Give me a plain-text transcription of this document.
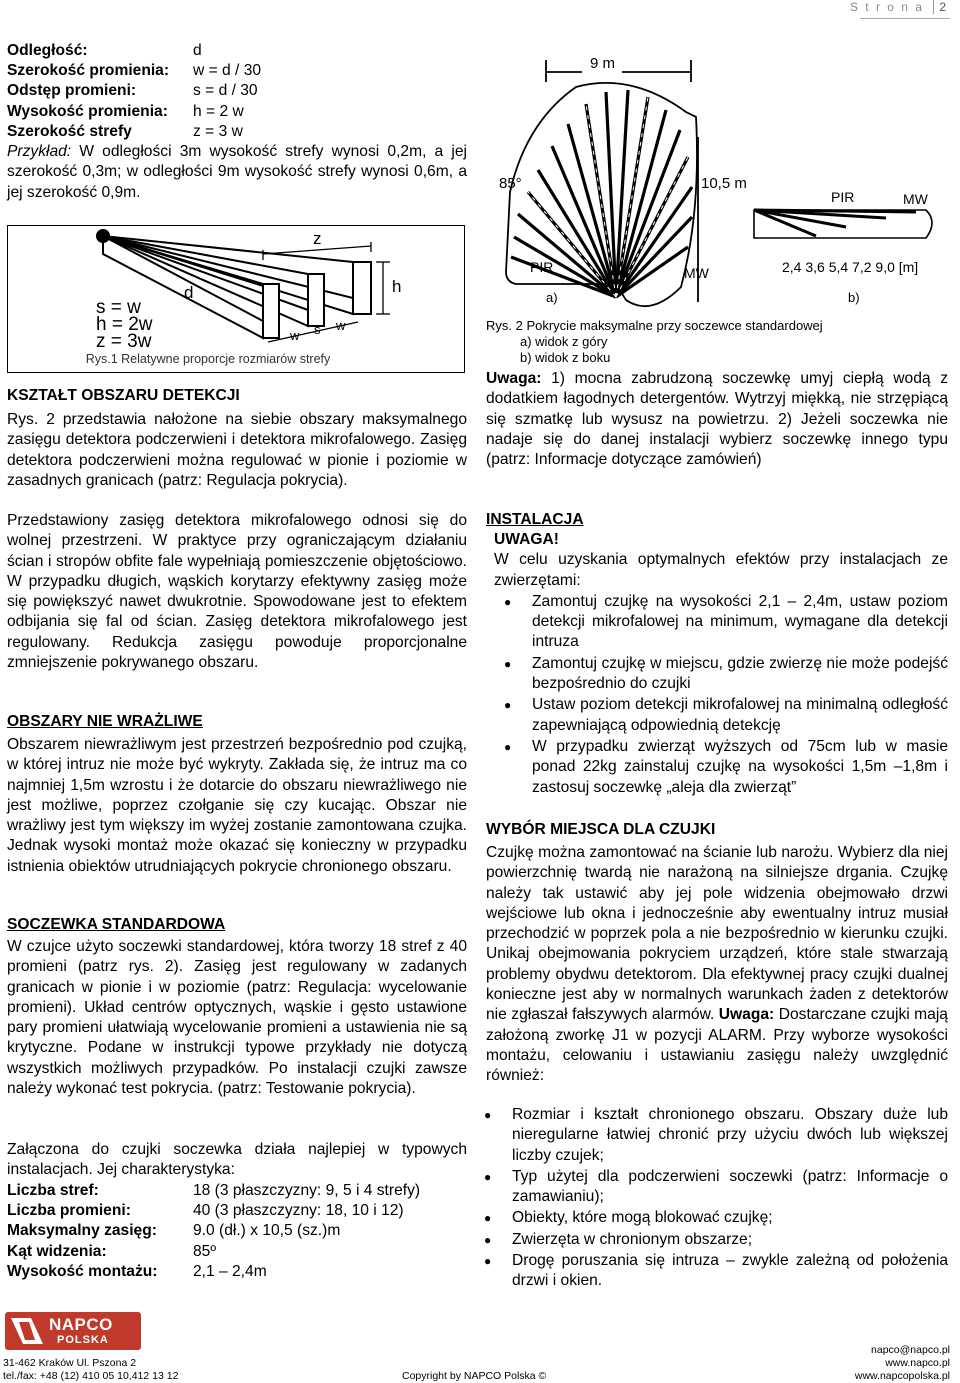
S t r o n a 2
Odległość:	d
Szerokość promienia:	w = d / 30
Odstęp promieni:	s = d / 30
Wysokość promienia:	h = 2 w
Szerokość strefy	z = 3 w
Przykład: W odległości 3m wysokość strefy wynosi 0,2m, a jej szerokość 0,3m; w odległości 9m wysokość strefy wynosi 0,6m, a jej szerokość 0,9m.
z
h
d
w s w
s = w
h = 2w
z = 3w
Rys.1 Relatywne proporcje rozmiarów strefy
KSZTAŁT OBSZARU DETEKCJI
Rys. 2 przedstawia nałożone na siebie obszary maksymalnego zasięgu detektora podczerwieni i detektora mikrofalowego. Zasięg detektora podczerwieni można regulować w pionie i poziomie w zasadnych granicach (patrz: Regulacja pokrycia).
Przedstawiony zasięg detektora mikrofalowego odnosi się do wolnej przestrzeni. W praktyce przy ograniczającym działaniu ścian i stropów obfite fale wypełniają pomieszczenie objętościowo. W przypadku długich, wąskich korytarzy efektywny zasięg może się powiększyć nawet dwukrotnie. Spowodowane jest to efektem odbijania się fal od ścian. Zasięg detektora mikrofalowego jest regulowany. Redukcja zasięgu powoduje proporcjonalne zmniejszenie pokrywanego obszaru.
OBSZARY NIE WRAŻLIWE
Obszarem niewrażliwym jest przestrzeń bezpośrednio pod czujką, w której intruz nie może być wykryty. Zakłada się, że intruz ma co najmniej 1,5m wzrostu i że dotarcie do obszaru niewrażliwego nie jest możliwe, poprzez czołganie się czy kucając. Obszar nie wrażliwy jest tym większy im wyżej zostanie zamontowana czujka. Jednak wysoki montaż może okazać się konieczny w przypadku istnienia obiektów utrudniających pokrycie chronionego obszaru.
SOCZEWKA STANDARDOWA
W czujce użyto soczewki standardowej, która tworzy 18 stref z 40 promieni (patrz rys. 2). Zasięg jest regulowany w zadanych granicach w pionie i w poziomie (patrz: Regulacja: wycelowanie promieni). Układ centrów optycznych, wąskie i gęsto ustawione pary promieni ułatwiają wycelowanie promieni a ustawienia nie są krytyczne. Podane w instrukcji typowe przykłady nie dotyczą wszystkich możliwych przypadków. Po instalacji czujki zawsze należy wykonać test pokrycia. (patrz: Testowanie pokrycia).
Załączona do czujki soczewka działa najlepiej w typowych instalacjach. Jej charakterystyka:
Liczba stref:	18 (3 płaszczyzny: 9, 5 i 4 strefy)
Liczba promieni:	40 (3 płaszczyzny: 18, 10 i 12)
Maksymalny zasięg:	9.0 (dł.) x 10,5 (sz.)m
Kąt widzenia:	85º
Wysokość montażu:	2,1 – 2,4m
9 m
85°	10,5 m
PIR	MW
a)
PIR	MW
2,4 3,6 5,4 7,2 9,0 [m]
b)
Rys. 2 Pokrycie maksymalne przy soczewce standardowej
a) widok z góry
b) widok z boku
Uwaga: 1) mocna zabrudzoną soczewkę umyj ciepłą wodą z dodatkiem łagodnych detergentów. Wytrzyj miękką, nie strzępiącą się szmatkę lub wysusz na powietrzu. 2) Jeżeli soczewka nie nadaje się do danej instalacji wybierz soczewkę innego typu (patrz: Informacje dotyczące zamówień)
INSTALACJA
UWAGA!
W celu uzyskania optymalnych efektów przy instalacjach ze zwierzętami:
● Zamontuj czujkę na wysokości 2,1 – 2,4m, ustaw poziom detekcji mikrofalowej na minimum, wymagane dla detekcji intruza
● Zamontuj czujkę w miejscu, gdzie zwierzę nie może podejść bezpośrednio do czujki
● Ustaw poziom detekcji mikrofalowej na minimalną odległość zapewniającą odpowiednią detekcję
● W przypadku zwierząt wyższych od 75cm lub w masie ponad 22kg zainstaluj czujkę na wysokości 1,5m –1,8m i zastosuj soczewkę „aleja dla zwierząt”
WYBÓR MIEJSCA DLA CZUJKI
Czujkę można zamontować na ścianie lub narożu. Wybierz dla niej powierzchnię twardą nie narażoną na silniejsze drgania. Czujkę należy tak ustawić aby jej pole widzenia obejmowało drzwi wejściowe lub okna i jednocześnie aby ewentualny intruz musiał przechodzić w poprzek pola a nie bezpośrednio w kierunku czujki. Unikaj obejmowania pokryciem urządzeń, które stale stwarzają problemy obydwu detektorom. Dla efektywnej pracy czujki dualnej konieczne jest aby w normalnych warunkach żaden z detektorów nie zgłaszał fałszywych alarmów. Uwaga: Dostarczane czujki mają założoną zworkę J1 w pozycji ALARM. Przy wyborze wysokości montażu, celowaniu i ustawianiu zasięgu należy uwzględnić również:
● Rozmiar i kształt chronionego obszaru. Obszary duże lub nieregularne łatwiej chronić przy użyciu dwóch lub większej liczby czujek;
● Typ użytej dla podczerwieni soczewki (patrz: Informacje o zamawianiu);
● Obiekty, które mogą blokować czujkę;
● Zwierzęta w chronionym obszarze;
● Drogę poruszania się intruza – zwykle zależną od położenia drzwi i okien.
NAPCO
POLSKA
31-462 Kraków Ul. Pszona 2
tel./fax: +48 (12) 410 05 10,412 13 12	Copyright by NAPCO Polska ©
napco@napco.pl
www.napco.pl
www.napcopolska.pl
